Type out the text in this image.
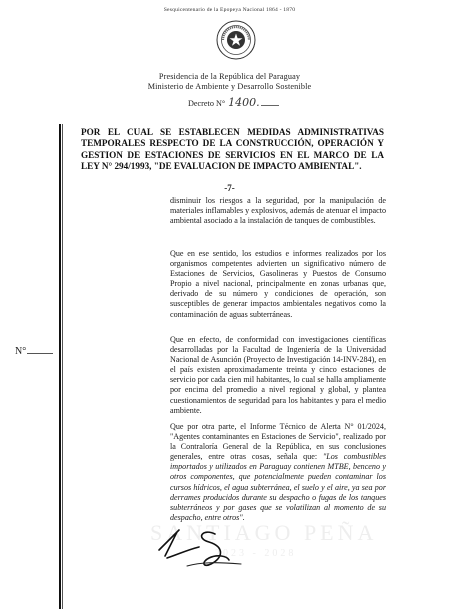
Sesquicentenario de la Epopeya Nacional 1864 - 1870
Presidencia de la República del Paraguay
Ministerio de Ambiente y Desarrollo Sostenible
Decreto N° 1400.
N°
POR EL CUAL SE ESTABLECEN MEDIDAS ADMINISTRATIVAS TEMPORALES RESPECTO DE LA CONSTRUCCIÓN, OPERACIÓN Y GESTION DE ESTACIONES DE SERVICIOS EN EL MARCO DE LA LEY N° 294/1993, "DE EVALUACION DE IMPACTO AMBIENTAL".
-7-
SANTIAGO PEÑA
2023 - 2028
disminuir los riesgos a la seguridad, por la manipulación de materiales inflamables y explosivos, además de atenuar el impacto ambiental asociado a la instalación de tanques de combustibles.
Que en ese sentido, los estudios e informes realizados por los organismos competentes advierten un significativo número de Estaciones de Servicios, Gasolineras y Puestos de Consumo Propio a nivel nacional, principalmente en zonas urbanas que, derivado de su número y condiciones de operación, son susceptibles de generar impactos ambientales negativos como la contaminación de aguas subterráneas.
Que en efecto, de conformidad con investigaciones científicas desarrolladas por la Facultad de Ingeniería de la Universidad Nacional de Asunción (Proyecto de Investigación 14-INV-284), en el país existen aproximadamente treinta y cinco estaciones de servicio por cada cien mil habitantes, lo cual se halla ampliamente por encima del promedio a nivel regional y global, y plantea cuestionamientos de seguridad para los habitantes y para el medio ambiente.
Que por otra parte, el Informe Técnico de Alerta N° 01/2024, "Agentes contaminantes en Estaciones de Servicio", realizado por la Contraloría General de la República, en sus conclusiones generales, entre otras cosas, señala que: "Los combustibles importados y utilizados en Paraguay contienen MTBE, benceno y otros componentes, que potencialmente pueden contaminar los cursos hídricos, el agua subterránea, el suelo y el aire, ya sea por derrames producidos durante su despacho o fugas de los tanques subterráneos y por gases que se volatilizan al momento de su despacho, entre otros".
